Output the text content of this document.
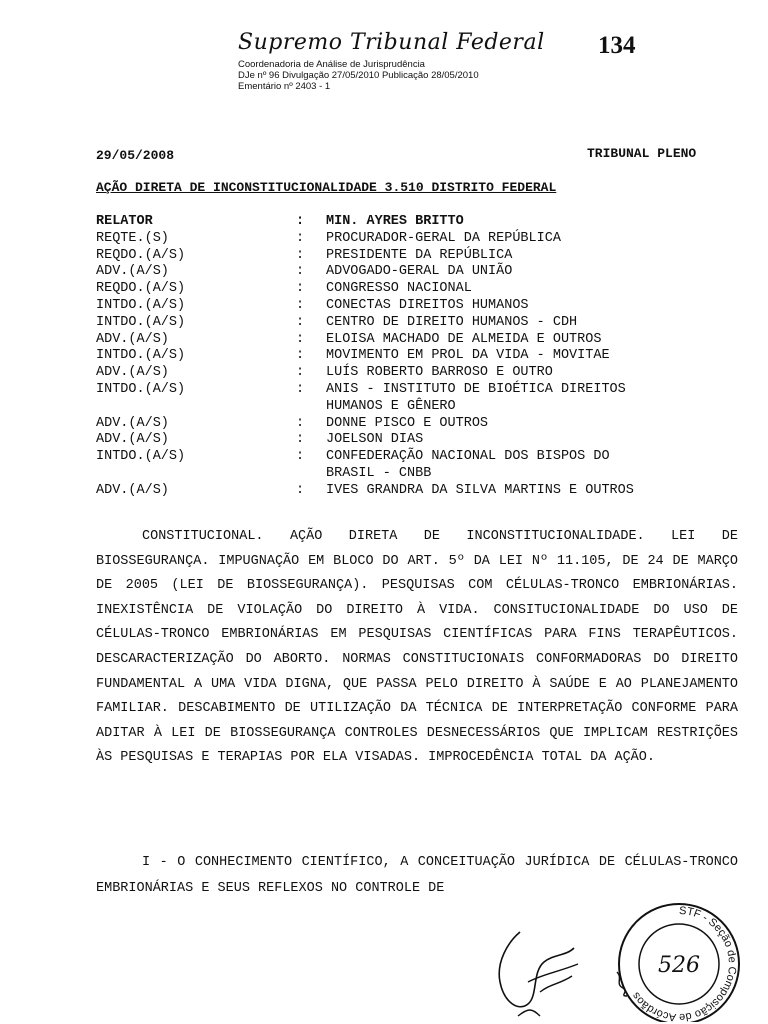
Supremo Tribunal Federal 134
Coordenadoria de Análise de Jurisprudência
DJe nº 96 Divulgação 27/05/2010 Publicação 28/05/2010
Ementário nº 2403 - 1
29/05/2008	TRIBUNAL PLENO
AÇÃO DIRETA DE INCONSTITUCIONALIDADE 3.510 DISTRITO FEDERAL
RELATOR	:	MIN. AYRES BRITTO
REQTE.(S)	:	PROCURADOR-GERAL DA REPÚBLICA
REQDO.(A/S)	:	PRESIDENTE DA REPÚBLICA
ADV.(A/S)	:	ADVOGADO-GERAL DA UNIÃO
REQDO.(A/S)	:	CONGRESSO NACIONAL
INTDO.(A/S)	:	CONECTAS DIREITOS HUMANOS
INTDO.(A/S)	:	CENTRO DE DIREITO HUMANOS - CDH
ADV.(A/S)	:	ELOISA MACHADO DE ALMEIDA E OUTROS
INTDO.(A/S)	:	MOVIMENTO EM PROL DA VIDA - MOVITAE
ADV.(A/S)	:	LUÍS ROBERTO BARROSO E OUTRO
INTDO.(A/S)	:	ANIS - INSTITUTO DE BIOÉTICA DIREITOS
HUMANOS E GÊNERO
ADV.(A/S)	:	DONNE PISCO E OUTROS
ADV.(A/S)	:	JOELSON DIAS
INTDO.(A/S)	:	CONFEDERAÇÃO NACIONAL DOS BISPOS DO
BRASIL - CNBB
ADV.(A/S)	:	IVES GRANDRA DA SILVA MARTINS E OUTROS
CONSTITUCIONAL. AÇÃO DIRETA DE INCONSTITUCIONALIDADE. LEI DE BIOSSEGURANÇA. IMPUGNAÇÃO EM BLOCO DO ART. 5º DA LEI Nº 11.105, DE 24 DE MARÇO DE 2005 (LEI DE BIOSSEGURANÇA). PESQUISAS COM CÉLULAS-TRONCO EMBRIONÁRIAS. INEXISTÊNCIA DE VIOLAÇÃO DO DIREITO À VIDA. CONSITUCIONALIDADE DO USO DE CÉLULAS-TRONCO EMBRIONÁRIAS EM PESQUISAS CIENTÍFICAS PARA FINS TERAPÊUTICOS. DESCARACTERIZAÇÃO DO ABORTO. NORMAS CONSTITUCIONAIS CONFORMADORAS DO DIREITO FUNDAMENTAL A UMA VIDA DIGNA, QUE PASSA PELO DIREITO À SAÚDE E AO PLANEJAMENTO FAMILIAR. DESCABIMENTO DE UTILIZAÇÃO DA TÉCNICA DE INTERPRETAÇÃO CONFORME PARA ADITAR À LEI DE BIOSSEGURANÇA CONTROLES DESNECESSÁRIOS QUE IMPLICAM RESTRIÇÕES ÀS PESQUISAS E TERAPIAS POR ELA VISADAS. IMPROCEDÊNCIA TOTAL DA AÇÃO.
I - O CONHECIMENTO CIENTÍFICO, A CONCEITUAÇÃO JURÍDICA DE CÉLULAS-TRONCO EMBRIONÁRIAS E SEUS REFLEXOS NO CONTROLE DE
STF - Seção de Composição de Acórdãos
526
